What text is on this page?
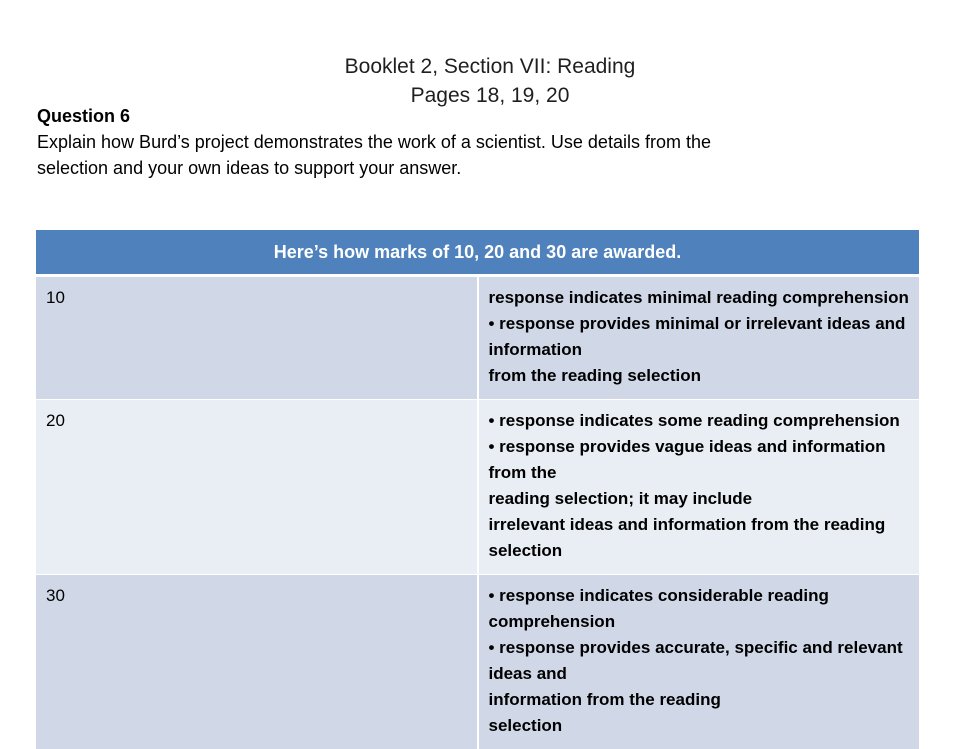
Booklet 2, Section VII: Reading
Pages 18, 19, 20
Question 6
Explain how Burd’s project demonstrates the work of a scientist. Use details from the
selection and your own ideas to support your answer.
Here’s how marks of 10, 20 and 30 are awarded.	
10	response indicates minimal reading comprehension
• response provides minimal or irrelevant ideas and information
from the reading selection

20	• response indicates some reading comprehension
• response provides vague ideas and information from the
reading selection; it may include
irrelevant ideas and information from the reading selection

30	• response indicates considerable reading comprehension
• response provides accurate, specific and relevant ideas and
information from the reading
selection
